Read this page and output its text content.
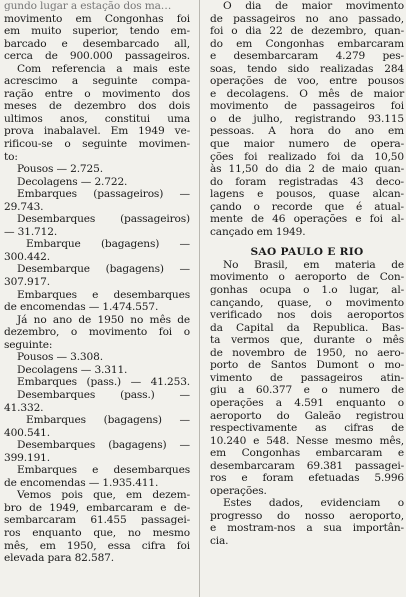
gundo lugar a estação dos ma…
movimento em Congonhas foi
em muito superior, tendo em-
barcado e desembarcado all,
cerca de 900.000 passageiros.
Com referencia a mais este
acrescimo a seguinte compa-
ração entre o movimento dos
meses de dezembro dos dois
ultimos anos, constitui uma
prova inabalavel. Em 1949 ve-
rificou-se o seguinte movimen-
to:
Pousos — 2.725.
Decolagens — 2.722.
Embarques (passageiros) —
29.743.
Desembarques (passageiros)
— 31.712.
Embarque (bagagens) —
300.442.
Desembarque (bagagens) —
307.917.
Embarques e desembarques
de encomendas — 1.474.557.
Já no ano de 1950 no mês de
dezembro, o movimento foi o
seguinte:
Pousos — 3.308.
Decolagens — 3.311.
Embarques (pass.) — 41.253.
Desembarques (pass.) —
41.332.
Embarques (bagagens) —
400.541.
Desembarques (bagagens) —
399.191.
Embarques e desembarques
de encomendas — 1.935.411.
Vemos pois que, em dezem-
bro de 1949, embarcaram e de-
sembarcaram 61.455 passagei-
ros enquanto que, no mesmo
mês, em 1950, essa cifra foi
elevada para 82.587.
O dia de maior movimento
de passageiros no ano passado,
foi o dia 22 de dezembro, quan-
do em Congonhas embarcaram
e desembarcaram 4.279 pes-
soas, tendo sido realizadas 284
operações de voo, entre pousos
e decolagens. O mês de maior
movimento de passageiros foi
o de julho, registrando 93.115
pessoas. A hora do ano em
que maior numero de opera-
ções foi realizado foi da 10,50
às 11,50 do dia 2 de maio quan-
do foram registradas 43 deco-
lagens e pousos, quase alcan-
çando o recorde que é atual-
mente de 46 operações e foi al-
cançado em 1949.
SAO PAULO E RIO
No Brasil, em materia de
movimento o aeroporto de Con-
gonhas ocupa o 1.o lugar, al-
cançando, quase, o movimento
verificado nos dois aeroportos
da Capital da Republica. Bas-
ta vermos que, durante o mês
de novembro de 1950, no aero-
porto de Santos Dumont o mo-
vimento de passageiros atin-
giu a 60.377 e o numero de
operações a 4.591 enquanto o
aeroporto do Galeão registrou
respectivamente as cifras de
10.240 e 548. Nesse mesmo mês,
em Congonhas embarcaram e
desembarcaram 69.381 passagei-
ros e foram efetuadas 5.996
operações.
Estes dados, evidenciam o
progresso do nosso aeroporto,
e mostram-nos a sua importân-
cia.
